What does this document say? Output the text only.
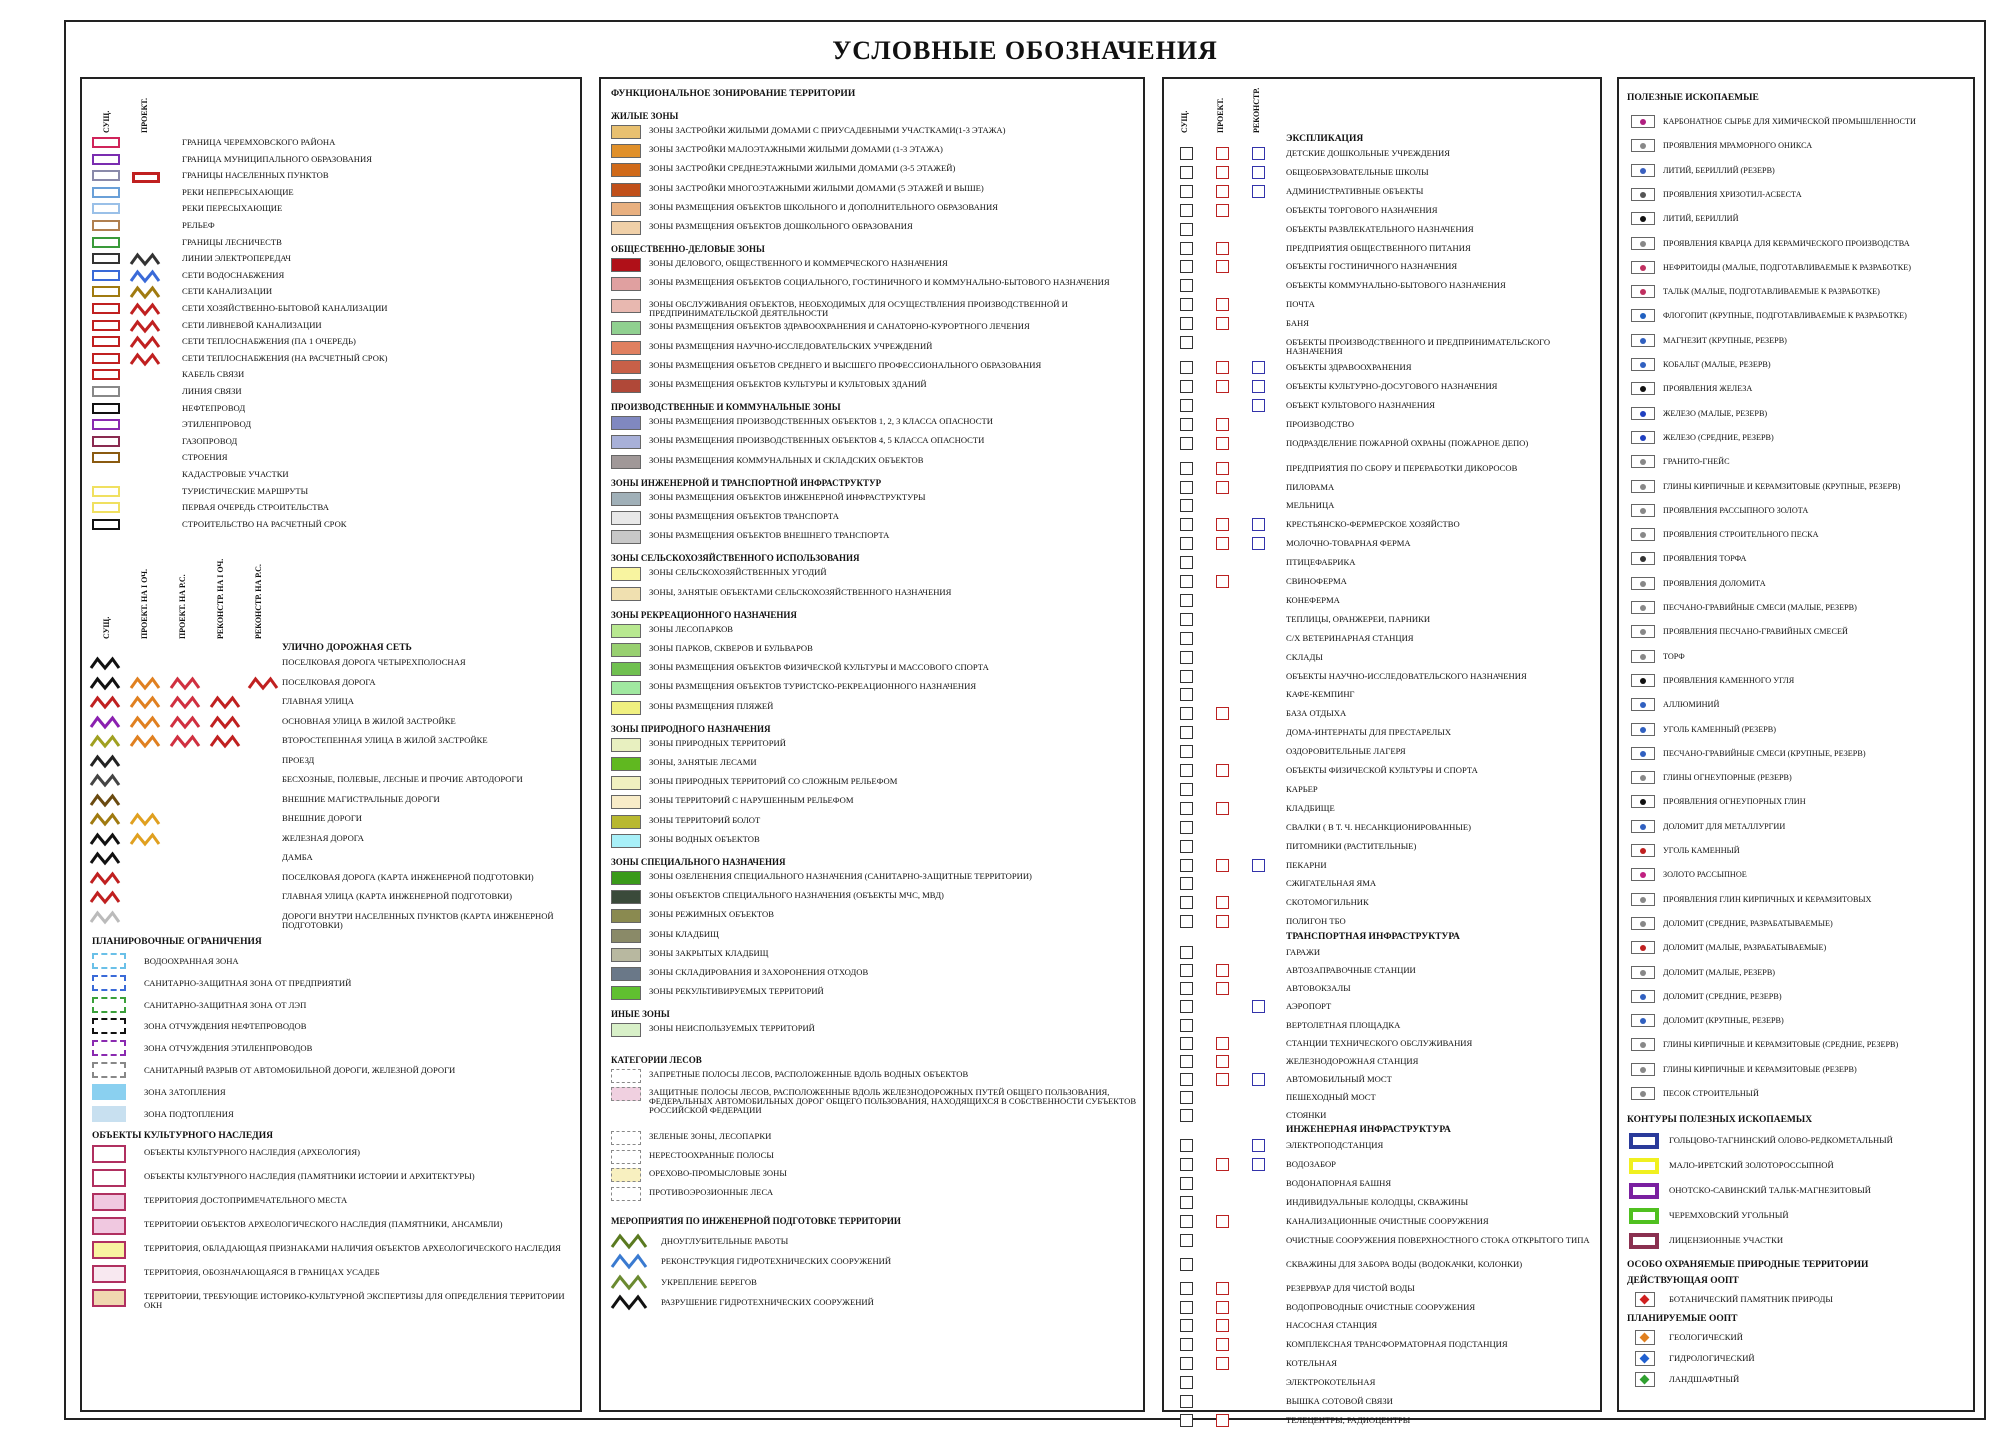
УСЛОВНЫЕ ОБОЗНАЧЕНИЯ
СУЩ.	ПРОЕКТ.
ГРАНИЦА ЧЕРЕМХОВСКОГО РАЙОНА
ГРАНИЦА МУНИЦИПАЛЬНОГО ОБРАЗОВАНИЯ
ГРАНИЦЫ НАСЕЛЕННЫХ ПУНКТОВ
РЕКИ НЕПЕРЕСЫХАЮЩИЕ
РЕКИ ПЕРЕСЫХАЮЩИЕ
РЕЛЬЕФ
ГРАНИЦЫ ЛЕСНИЧЕСТВ
ЛИНИИ ЭЛЕКТРОПЕРЕДАЧ
СЕТИ ВОДОСНАБЖЕНИЯ
СЕТИ КАНАЛИЗАЦИИ
СЕТИ ХОЗЯЙСТВЕННО-БЫТОВОЙ КАНАЛИЗАЦИИ
СЕТИ ЛИВНЕВОЙ КАНАЛИЗАЦИИ
СЕТИ ТЕПЛОСНАБЖЕНИЯ (ПА 1 ОЧЕРЕДЬ)
СЕТИ ТЕПЛОСНАБЖЕНИЯ (НА РАСЧЕТНЫЙ СРОК)
КАБЕЛЬ СВЯЗИ
ЛИНИЯ СВЯЗИ
НЕФТЕПРОВОД
ЭТИЛЕНПРОВОД
ГАЗОПРОВОД
СТРОЕНИЯ
КАДАСТРОВЫЕ УЧАСТКИ
ТУРИСТИЧЕСКИЕ МАРШРУТЫ
ПЕРВАЯ ОЧЕРЕДЬ СТРОИТЕЛЬСТВА
СТРОИТЕЛЬСТВО НА РАСЧЕТНЫЙ СРОК
СУЩ.	ПРОЕКТ. НА I ОЧ.	ПРОЕКТ. НА Р.С.	РЕКОНСТР. НА I ОЧ.	РЕКОНСТР. НА Р.С.
УЛИЧНО ДОРОЖНАЯ СЕТЬ
ПОСЕЛКОВАЯ ДОРОГА ЧЕТЫРЕХПОЛОСНАЯ
ПОСЕЛКОВАЯ ДОРОГА
ГЛАВНАЯ УЛИЦА
ОСНОВНАЯ УЛИЦА В ЖИЛОЙ ЗАСТРОЙКЕ
ВТОРОСТЕПЕННАЯ УЛИЦА В ЖИЛОЙ ЗАСТРОЙКЕ
ПРОЕЗД
БЕСХОЗНЫЕ, ПОЛЕВЫЕ, ЛЕСНЫЕ И ПРОЧИЕ АВТОДОРОГИ
ВНЕШНИЕ МАГИСТРАЛЬНЫЕ ДОРОГИ
ВНЕШНИЕ ДОРОГИ
ЖЕЛЕЗНАЯ ДОРОГА
ДАМБА
ПОСЕЛКОВАЯ ДОРОГА (КАРТА ИНЖЕНЕРНОЙ ПОДГОТОВКИ)
ГЛАВНАЯ УЛИЦА (КАРТА ИНЖЕНЕРНОЙ ПОДГОТОВКИ)
ДОРОГИ ВНУТРИ НАСЕЛЕННЫХ ПУНКТОВ (КАРТА ИНЖЕНЕРНОЙ ПОДГОТОВКИ)
ПЛАНИРОВОЧНЫЕ ОГРАНИЧЕНИЯ
ВОДООХРАННАЯ ЗОНА
САНИТАРНО-ЗАЩИТНАЯ ЗОНА ОТ ПРЕДПРИЯТИЙ
САНИТАРНО-ЗАЩИТНАЯ ЗОНА ОТ ЛЭП
ЗОНА ОТЧУЖДЕНИЯ НЕФТЕПРОВОДОВ
ЗОНА ОТЧУЖДЕНИЯ ЭТИЛЕНПРОВОДОВ
САНИТАРНЫЙ РАЗРЫВ ОТ АВТОМОБИЛЬНОЙ ДОРОГИ, ЖЕЛЕЗНОЙ ДОРОГИ
ЗОНА ЗАТОПЛЕНИЯ
ЗОНА ПОДТОПЛЕНИЯ
ОБЪЕКТЫ КУЛЬТУРНОГО НАСЛЕДИЯ
ОБЪЕКТЫ КУЛЬТУРНОГО НАСЛЕДИЯ (АРХЕОЛОГИЯ)
ОБЪЕКТЫ КУЛЬТУРНОГО НАСЛЕДИЯ (ПАМЯТНИКИ ИСТОРИИ И АРХИТЕКТУРЫ)
ТЕРРИТОРИЯ ДОСТОПРИМЕЧАТЕЛЬНОГО МЕСТА
ТЕРРИТОРИИ ОБЪЕКТОВ АРХЕОЛОГИЧЕСКОГО НАСЛЕДИЯ (ПАМЯТНИКИ, АНСАМБЛИ)
ТЕРРИТОРИЯ, ОБЛАДАЮЩАЯ ПРИЗНАКАМИ НАЛИЧИЯ ОБЪЕКТОВ АРХЕОЛОГИЧЕСКОГО НАСЛЕДИЯ
ТЕРРИТОРИЯ, ОБОЗНАЧАЮЩАЯСЯ В ГРАНИЦАХ УСАДЕБ
ТЕРРИТОРИИ, ТРЕБУЮЩИЕ ИСТОРИКО-КУЛЬТУРНОЙ ЭКСПЕРТИЗЫ ДЛЯ ОПРЕДЕЛЕНИЯ ТЕРРИТОРИИ ОКН
ФУНКЦИОНАЛЬНОЕ ЗОНИРОВАНИЕ ТЕРРИТОРИИ
ЖИЛЫЕ ЗОНЫ
ЗОНЫ ЗАСТРОЙКИ ЖИЛЫМИ ДОМАМИ С ПРИУСАДЕБНЫМИ УЧАСТКАМИ(1-3 ЭТАЖА)
ЗОНЫ ЗАСТРОЙКИ МАЛОЭТАЖНЫМИ ЖИЛЫМИ ДОМАМИ (1-3 ЭТАЖА)
ЗОНЫ ЗАСТРОЙКИ СРЕДНЕЭТАЖНЫМИ ЖИЛЫМИ ДОМАМИ (3-5 ЭТАЖЕЙ)
ЗОНЫ ЗАСТРОЙКИ МНОГОЭТАЖНЫМИ ЖИЛЫМИ ДОМАМИ (5 ЭТАЖЕЙ И ВЫШЕ)
ЗОНЫ РАЗМЕЩЕНИЯ ОБЪЕКТОВ ШКОЛЬНОГО И ДОПОЛНИТЕЛЬНОГО ОБРАЗОВАНИЯ
ЗОНЫ РАЗМЕЩЕНИЯ ОБЪЕКТОВ ДОШКОЛЬНОГО ОБРАЗОВАНИЯ
ОБЩЕСТВЕННО-ДЕЛОВЫЕ ЗОНЫ
ЗОНЫ ДЕЛОВОГО, ОБЩЕСТВЕННОГО И КОММЕРЧЕСКОГО НАЗНАЧЕНИЯ
ЗОНЫ РАЗМЕЩЕНИЯ ОБЪЕКТОВ СОЦИАЛЬНОГО, ГОСТИНИЧНОГО И КОММУНАЛЬНО-БЫТОВОГО НАЗНАЧЕНИЯ
ЗОНЫ ОБСЛУЖИВАНИЯ ОБЪЕКТОВ, НЕОБХОДИМЫХ ДЛЯ ОСУЩЕСТВЛЕНИЯ ПРОИЗВОДСТВЕННОЙ И ПРЕДПРИНИМАТЕЛЬСКОЙ ДЕЯТЕЛЬНОСТИ
ЗОНЫ РАЗМЕЩЕНИЯ ОБЪЕКТОВ ЗДРАВООХРАНЕНИЯ И САНАТОРНО-КУРОРТНОГО ЛЕЧЕНИЯ
ЗОНЫ РАЗМЕЩЕНИЯ НАУЧНО-ИССЛЕДОВАТЕЛЬСКИХ УЧРЕЖДЕНИЙ
ЗОНЫ РАЗМЕЩЕНИЯ ОБЪЕТОВ СРЕДНЕГО И ВЫСШЕГО ПРОФЕССИОНАЛЬНОГО ОБРАЗОВАНИЯ
ЗОНЫ РАЗМЕЩЕНИЯ ОБЪЕКТОВ КУЛЬТУРЫ И КУЛЬТОВЫХ ЗДАНИЙ
ПРОИЗВОДСТВЕННЫЕ И КОММУНАЛЬНЫЕ ЗОНЫ
ЗОНЫ РАЗМЕЩЕНИЯ ПРОИЗВОДСТВЕННЫХ ОБЪЕКТОВ 1, 2, 3 КЛАССА ОПАСНОСТИ
ЗОНЫ РАЗМЕЩЕНИЯ ПРОИЗВОДСТВЕННЫХ ОБЪЕКТОВ 4, 5 КЛАССА ОПАСНОСТИ
ЗОНЫ РАЗМЕЩЕНИЯ КОММУНАЛЬНЫХ И СКЛАДСКИХ ОБЪЕКТОВ
ЗОНЫ ИНЖЕНЕРНОЙ И ТРАНСПОРТНОЙ ИНФРАСТРУКТУР
ЗОНЫ РАЗМЕЩЕНИЯ ОБЪЕКТОВ ИНЖЕНЕРНОЙ ИНФРАСТРУКТУРЫ
ЗОНЫ РАЗМЕЩЕНИЯ ОБЪЕКТОВ ТРАНСПОРТА
ЗОНЫ РАЗМЕЩЕНИЯ ОБЪЕКТОВ ВНЕШНЕГО ТРАНСПОРТА
ЗОНЫ СЕЛЬСКОХОЗЯЙСТВЕННОГО ИСПОЛЬЗОВАНИЯ
ЗОНЫ СЕЛЬСКОХОЗЯЙСТВЕННЫХ УГОДИЙ
ЗОНЫ, ЗАНЯТЫЕ ОБЪЕКТАМИ СЕЛЬСКОХОЗЯЙСТВЕННОГО НАЗНАЧЕНИЯ
ЗОНЫ РЕКРЕАЦИОННОГО НАЗНАЧЕНИЯ
ЗОНЫ ЛЕСОПАРКОВ
ЗОНЫ ПАРКОВ, СКВЕРОВ И БУЛЬВАРОВ
ЗОНЫ РАЗМЕЩЕНИЯ ОБЪЕКТОВ ФИЗИЧЕСКОЙ КУЛЬТУРЫ И МАССОВОГО СПОРТА
ЗОНЫ РАЗМЕЩЕНИЯ ОБЪЕКТОВ ТУРИСТСКО-РЕКРЕАЦИОННОГО НАЗНАЧЕНИЯ
ЗОНЫ РАЗМЕЩЕНИЯ ПЛЯЖЕЙ
ЗОНЫ ПРИРОДНОГО НАЗНАЧЕНИЯ
ЗОНЫ ПРИРОДНЫХ ТЕРРИТОРИЙ
ЗОНЫ, ЗАНЯТЫЕ ЛЕСАМИ
ЗОНЫ ПРИРОДНЫХ ТЕРРИТОРИЙ СО СЛОЖНЫМ РЕЛЬЕФОМ
ЗОНЫ ТЕРРИТОРИЙ С НАРУШЕННЫМ РЕЛЬЕФОМ
ЗОНЫ ТЕРРИТОРИЙ БОЛОТ
ЗОНЫ ВОДНЫХ ОБЪЕКТОВ
ЗОНЫ СПЕЦИАЛЬНОГО НАЗНАЧЕНИЯ
ЗОНЫ ОЗЕЛЕНЕНИЯ СПЕЦИАЛЬНОГО НАЗНАЧЕНИЯ (САНИТАРНО-ЗАЩИТНЫЕ ТЕРРИТОРИИ)
ЗОНЫ ОБЪЕКТОВ СПЕЦИАЛЬНОГО НАЗНАЧЕНИЯ (ОБЪЕКТЫ МЧС, МВД)
ЗОНЫ РЕЖИМНЫХ ОБЪЕКТОВ
ЗОНЫ КЛАДБИЩ
ЗОНЫ ЗАКРЫТЫХ КЛАДБИЩ
ЗОНЫ СКЛАДИРОВАНИЯ И ЗАХОРОНЕНИЯ ОТХОДОВ
ЗОНЫ РЕКУЛЬТИВИРУЕМЫХ ТЕРРИТОРИЙ
ИНЫЕ ЗОНЫ
ЗОНЫ НЕИСПОЛЬЗУЕМЫХ ТЕРРИТОРИЙ
КАТЕГОРИИ ЛЕСОВ
ЗАПРЕТНЫЕ ПОЛОСЫ ЛЕСОВ, РАСПОЛОЖЕННЫЕ ВДОЛЬ ВОДНЫХ ОБЪЕКТОВ
ЗАЩИТНЫЕ ПОЛОСЫ ЛЕСОВ, РАСПОЛОЖЕННЫЕ ВДОЛЬ ЖЕЛЕЗНОДОРОЖНЫХ ПУТЕЙ ОБЩЕГО ПОЛЬЗОВАНИЯ, ФЕДЕРАЛЬНЫХ АВТОМОБИЛЬНЫХ ДОРОГ ОБЩЕГО ПОЛЬЗОВАНИЯ, НАХОДЯЩИХСЯ В СОБСТВЕННОСТИ СУБЪЕКТОВ РОССИЙСКОЙ ФЕДЕРАЦИИ
ЗЕЛЕНЫЕ ЗОНЫ, ЛЕСОПАРКИ
НЕРЕСТООХРАННЫЕ ПОЛОСЫ
ОРЕХОВО-ПРОМЫСЛОВЫЕ ЗОНЫ
ПРОТИВОЭРОЗИОННЫЕ ЛЕСА
МЕРОПРИЯТИЯ ПО ИНЖЕНЕРНОЙ ПОДГОТОВКЕ ТЕРРИТОРИИ
ДНОУГЛУБИТЕЛЬНЫЕ РАБОТЫ
РЕКОНСТРУКЦИЯ ГИДРОТЕХНИЧЕСКИХ СООРУЖЕНИЙ
УКРЕПЛЕНИЕ БЕРЕГОВ
РАЗРУШЕНИЕ ГИДРОТЕХНИЧЕСКИХ СООРУЖЕНИЙ
СУЩ.	ПРОЕКТ.	РЕКОНСТР.
ЭКСПЛИКАЦИЯ
ДЕТСКИЕ ДОШКОЛЬНЫЕ УЧРЕЖДЕНИЯ
ОБЩЕОБРАЗОВАТЕЛЬНЫЕ ШКОЛЫ
АДМИНИСТРАТИВНЫЕ ОБЪЕКТЫ
ОБЪЕКТЫ ТОРГОВОГО НАЗНАЧЕНИЯ
ОБЪЕКТЫ РАЗВЛЕКАТЕЛЬНОГО НАЗНАЧЕНИЯ
ПРЕДПРИЯТИЯ ОБЩЕСТВЕННОГО ПИТАНИЯ
ОБЪЕКТЫ ГОСТИНИЧНОГО НАЗНАЧЕНИЯ
ОБЪЕКТЫ КОММУНАЛЬНО-БЫТОВОГО НАЗНАЧЕНИЯ
ПОЧТА
БАНЯ
ОБЪЕКТЫ ПРОИЗВОДСТВЕННОГО И ПРЕДПРИНИМАТЕЛЬСКОГО НАЗНАЧЕНИЯ
ОБЪЕКТЫ ЗДРАВООХРАНЕНИЯ
ОБЪЕКТЫ КУЛЬТУРНО-ДОСУГОВОГО НАЗНАЧЕНИЯ
ОБЪЕКТ КУЛЬТОВОГО НАЗНАЧЕНИЯ
ПРОИЗВОДСТВО
ПОДРАЗДЕЛЕНИЕ ПОЖАРНОЙ ОХРАНЫ (ПОЖАРНОЕ ДЕПО)
ПРЕДПРИЯТИЯ ПО СБОРУ И ПЕРЕРАБОТКИ ДИКОРОСОВ
ПИЛОРАМА
МЕЛЬНИЦА
КРЕСТЬЯНСКО-ФЕРМЕРСКОЕ ХОЗЯЙСТВО
МОЛОЧНО-ТОВАРНАЯ ФЕРМА
ПТИЦЕФАБРИКА
СВИНОФЕРМА
КОНЕФЕРМА
ТЕПЛИЦЫ, ОРАНЖЕРЕИ, ПАРНИКИ
С/Х ВЕТЕРИНАРНАЯ СТАНЦИЯ
СКЛАДЫ
ОБЪЕКТЫ НАУЧНО-ИССЛЕДОВАТЕЛЬСКОГО НАЗНАЧЕНИЯ
КАФЕ-КЕМПИНГ
БАЗА ОТДЫХА
ДОМА-ИНТЕРНАТЫ ДЛЯ ПРЕСТАРЕЛЫХ
ОЗДОРОВИТЕЛЬНЫЕ ЛАГЕРЯ
ОБЪЕКТЫ ФИЗИЧЕСКОЙ КУЛЬТУРЫ И СПОРТА
КАРЬЕР
КЛАДБИЩЕ
СВАЛКИ ( В Т. Ч. НЕСАНКЦИОНИРОВАННЫЕ)
ПИТОМНИКИ (РАСТИТЕЛЬНЫЕ)
ПЕКАРНИ
СЖИГАТЕЛЬНАЯ ЯМА
СКОТОМОГИЛЬНИК
ПОЛИГОН ТБО
ТРАНСПОРТНАЯ ИНФРАСТРУКТУРА
ГАРАЖИ
АВТОЗАПРАВОЧНЫЕ СТАНЦИИ
АВТОВОКЗАЛЫ
АЭРОПОРТ
ВЕРТОЛЕТНАЯ ПЛОЩАДКА
СТАНЦИИ ТЕХНИЧЕСКОГО ОБСЛУЖИВАНИЯ
ЖЕЛЕЗНОДОРОЖНАЯ СТАНЦИЯ
АВТОМОБИЛЬНЫЙ МОСТ
ПЕШЕХОДНЫЙ МОСТ
СТОЯНКИ
ИНЖЕНЕРНАЯ ИНФРАСТРУКТУРА
ЭЛЕКТРОПОДСТАНЦИЯ
ВОДОЗАБОР
ВОДОНАПОРНАЯ БАШНЯ
ИНДИВИДУАЛЬНЫЕ КОЛОДЦЫ, СКВАЖИНЫ
КАНАЛИЗАЦИОННЫЕ ОЧИСТНЫЕ СООРУЖЕНИЯ
ОЧИСТНЫЕ СООРУЖЕНИЯ ПОВЕРХНОСТНОГО СТОКА ОТКРЫТОГО ТИПА
СКВАЖИНЫ ДЛЯ ЗАБОРА ВОДЫ (ВОДОКАЧКИ, КОЛОНКИ)
РЕЗЕРВУАР ДЛЯ ЧИСТОЙ ВОДЫ
ВОДОПРОВОДНЫЕ ОЧИСТНЫЕ СООРУЖЕНИЯ
НАСОСНАЯ СТАНЦИЯ
КОМПЛЕКСНАЯ ТРАНСФОРМАТОРНАЯ ПОДСТАНЦИЯ
КОТЕЛЬНАЯ
ЭЛЕКТРОКОТЕЛЬНАЯ
ВЫШКА СОТОВОЙ СВЯЗИ
ТЕЛЕЦЕНТРЫ, РАДИОЦЕНТРЫ
ПОЛЕЗНЫЕ ИСКОПАЕМЫЕ
КАРБОНАТНОЕ СЫРЬЕ ДЛЯ ХИМИЧЕСКОЙ ПРОМЫШЛЕННОСТИ
ПРОЯВЛЕНИЯ МРАМОРНОГО ОНИКСА
ЛИТИЙ, БЕРИЛЛИЙ (РЕЗЕРВ)
ПРОЯВЛЕНИЯ ХРИЗОТИЛ-АСБЕСТА
ЛИТИЙ, БЕРИЛЛИЙ
ПРОЯВЛЕНИЯ КВАРЦА ДЛЯ КЕРАМИЧЕСКОГО ПРОИЗВОДСТВА
НЕФРИТОИДЫ (МАЛЫЕ, ПОДГОТАВЛИВАЕМЫЕ К РАЗРАБОТКЕ)
ТАЛЬК (МАЛЫЕ, ПОДГОТАВЛИВАЕМЫЕ К РАЗРАБОТКЕ)
ФЛОГОПИТ (КРУПНЫЕ, ПОДГОТАВЛИВАЕМЫЕ К РАЗРАБОТКЕ)
МАГНЕЗИТ (КРУПНЫЕ, РЕЗЕРВ)
КОБАЛЬТ (МАЛЫЕ, РЕЗЕРВ)
ПРОЯВЛЕНИЯ ЖЕЛЕЗА
ЖЕЛЕЗО (МАЛЫЕ, РЕЗЕРВ)
ЖЕЛЕЗО (СРЕДНИЕ, РЕЗЕРВ)
ГРАНИТО-ГНЕЙС
ГЛИНЫ КИРПИЧНЫЕ И КЕРАМЗИТОВЫЕ (КРУПНЫЕ, РЕЗЕРВ)
ПРОЯВЛЕНИЯ РАССЫПНОГО ЗОЛОТА
ПРОЯВЛЕНИЯ СТРОИТЕЛЬНОГО ПЕСКА
ПРОЯВЛЕНИЯ ТОРФА
ПРОЯВЛЕНИЯ ДОЛОМИТА
ПЕСЧАНО-ГРАВИЙНЫЕ СМЕСИ (МАЛЫЕ, РЕЗЕРВ)
ПРОЯВЛЕНИЯ ПЕСЧАНО-ГРАВИЙНЫХ СМЕСЕЙ
ТОРФ
ПРОЯВЛЕНИЯ КАМЕННОГО УГЛЯ
АЛЛЮМИНИЙ
УГОЛЬ КАМЕННЫЙ (РЕЗЕРВ)
ПЕСЧАНО-ГРАВИЙНЫЕ СМЕСИ (КРУПНЫЕ, РЕЗЕРВ)
ГЛИНЫ ОГНЕУПОРНЫЕ (РЕЗЕРВ)
ПРОЯВЛЕНИЯ ОГНЕУПОРНЫХ ГЛИН
ДОЛОМИТ ДЛЯ МЕТАЛЛУРГИИ
УГОЛЬ КАМЕННЫЙ
ЗОЛОТО РАССЫПНОЕ
ПРОЯВЛЕНИЯ ГЛИН КИРПИЧНЫХ И КЕРАМЗИТОВЫХ
ДОЛОМИТ (СРЕДНИЕ, РАЗРАБАТЫВАЕМЫЕ)
ДОЛОМИТ (МАЛЫЕ, РАЗРАБАТЫВАЕМЫЕ)
ДОЛОМИТ (МАЛЫЕ, РЕЗЕРВ)
ДОЛОМИТ (СРЕДНИЕ, РЕЗЕРВ)
ДОЛОМИТ (КРУПНЫЕ, РЕЗЕРВ)
ГЛИНЫ КИРПИЧНЫЕ И КЕРАМЗИТОВЫЕ (СРЕДНИЕ, РЕЗЕРВ)
ГЛИНЫ КИРПИЧНЫЕ И КЕРАМЗИТОВЫЕ (РЕЗЕРВ)
ПЕСОК СТРОИТЕЛЬНЫЙ
КОНТУРЫ ПОЛЕЗНЫХ ИСКОПАЕМЫХ
ГОЛЬЦОВО-ТАГНИНСКИЙ ОЛОВО-РЕДКОМЕТАЛЬНЫЙ
МАЛО-ИРЕТСКИЙ ЗОЛОТОРОССЫПНОЙ
ОНОТСКО-САВИНСКИЙ ТАЛЬК-МАГНЕЗИТОВЫЙ
ЧЕРЕМХОВСКИЙ УГОЛЬНЫЙ
ЛИЦЕНЗИОННЫЕ УЧАСТКИ
ОСОБО ОХРАНЯЕМЫЕ ПРИРОДНЫЕ ТЕРРИТОРИИ
ДЕЙСТВУЮЩАЯ ООПТ
БОТАНИЧЕСКИЙ ПАМЯТНИК ПРИРОДЫ
ПЛАНИРУЕМЫЕ ООПТ
ГЕОЛОГИЧЕСКИЙ
ГИДРОЛОГИЧЕСКИЙ
ЛАНДШАФТНЫЙ
